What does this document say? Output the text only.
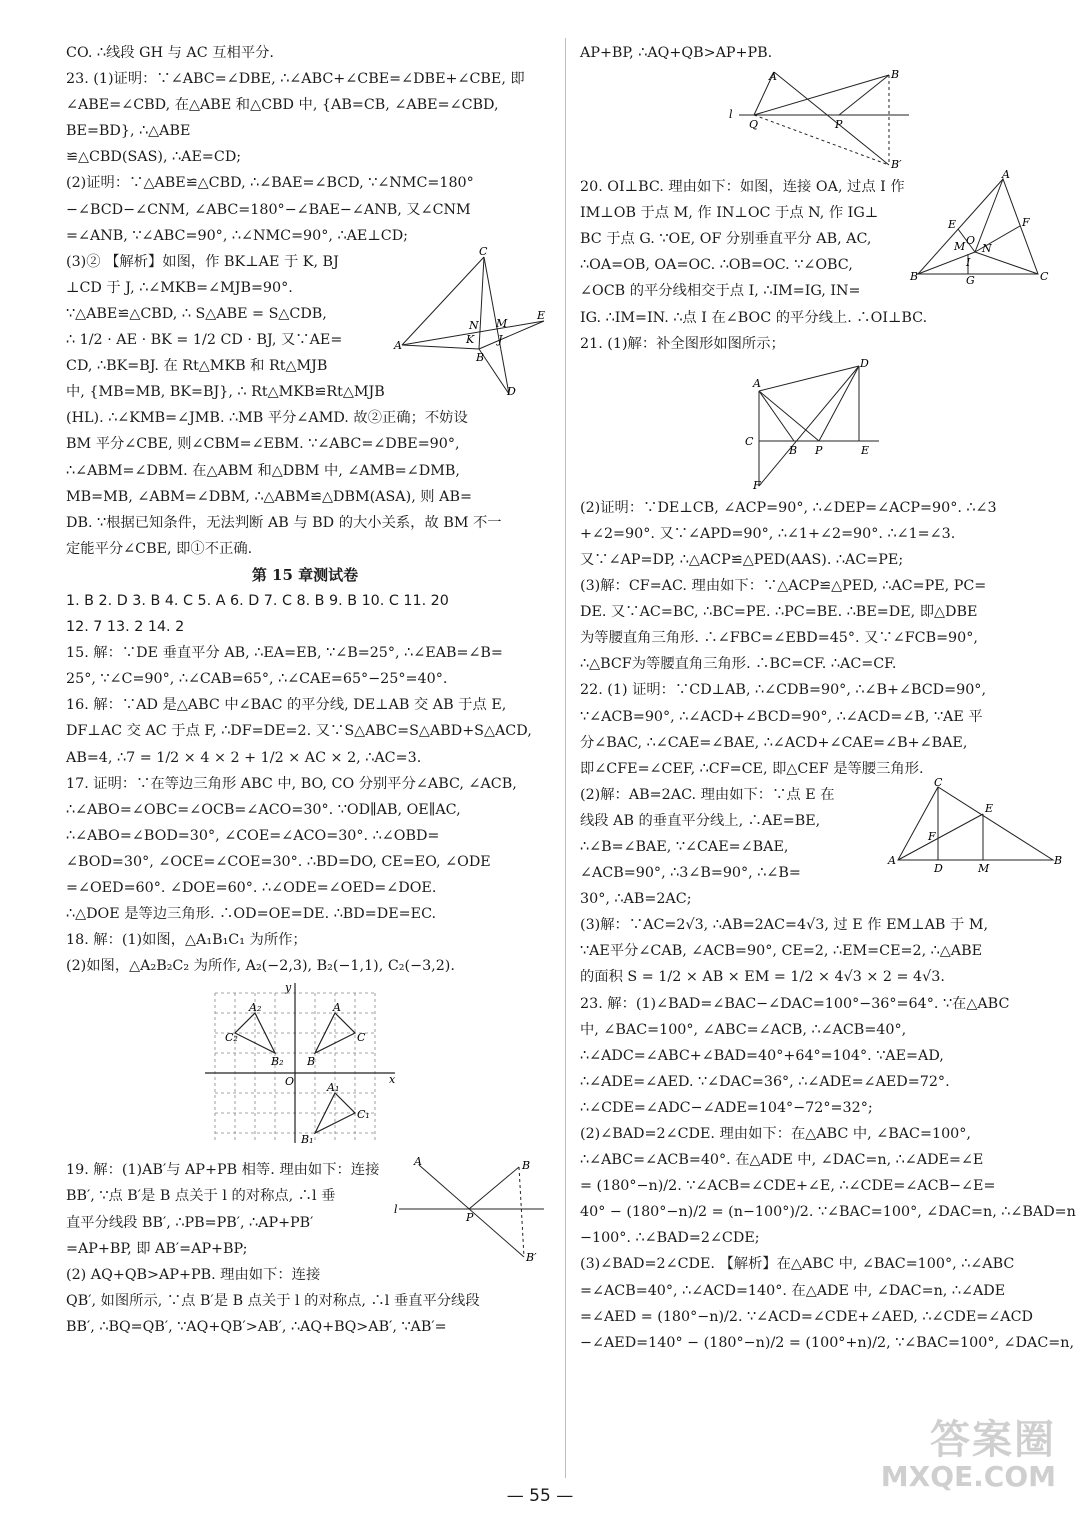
CO. ∴线段 GH 与 AC 互相平分.
23. (1)证明：∵∠ABC=∠DBE, ∴∠ABC+∠CBE=∠DBE+∠CBE, 即
∠ABE=∠CBD, 在△ABE 和△CBD 中, {AB=CB, ∠ABE=∠CBD, BE=BD}, ∴△ABE
≌△CBD(SAS), ∴AE=CD;
(2)证明：∵△ABE≌△CBD, ∴∠BAE=∠BCD, ∵∠NMC=180°
−∠BCD−∠CNM, ∠ABC=180°−∠BAE−∠ANB, 又∠CNM
=∠ANB, ∵∠ABC=90°, ∴∠NMC=90°, ∴AE⊥CD;
C
A
E
B
D
N M
K J
(3)② 【解析】如图，作 BK⊥AE 于 K, BJ
⊥CD 于 J, ∴∠MKB=∠MJB=90°.
∵△ABE≌△CBD, ∴ S△ABE = S△CDB,
∴ 1/2 · AE · BK = 1/2 CD · BJ, 又∵AE=
CD, ∴BK=BJ. 在 Rt△MKB 和 Rt△MJB
中, {MB=MB, BK=BJ}, ∴ Rt△MKB≌Rt△MJB
(HL). ∴∠KMB=∠JMB. ∴MB 平分∠AMD. 故②正确；不妨设
BM 平分∠CBE, 则∠CBM=∠EBM. ∵∠ABC=∠DBE=90°,
∴∠ABM=∠DBM. 在△ABM 和△DBM 中, ∠AMB=∠DMB,
MB=MB, ∠ABM=∠DBM, ∴△ABM≌△DBM(ASA), 则 AB=
DB. ∵根据已知条件，无法判断 AB 与 BD 的大小关系，故 BM 不一
定能平分∠CBE, 即①不正确.
第 15 章测试卷
1. B 2. D 3. B 4. C 5. A 6. D 7. C 8. B 9. B 10. C 11. 20
12. 7 13. 2 14. 2
15. 解：∵DE 垂直平分 AB, ∴EA=EB, ∵∠B=25°, ∴∠EAB=∠B=
25°, ∵∠C=90°, ∴∠CAB=65°, ∴∠CAE=65°−25°=40°.
16. 解：∵AD 是△ABC 中∠BAC 的平分线, DE⊥AB 交 AB 于点 E,
DF⊥AC 交 AC 于点 F, ∴DF=DE=2. 又∵S△ABC=S△ABD+S△ACD,
AB=4, ∴7 = 1/2 × 4 × 2 + 1/2 × AC × 2, ∴AC=3.
17. 证明：∵在等边三角形 ABC 中, BO, CO 分别平分∠ABC, ∠ACB,
∴∠ABO=∠OBC=∠OCB=∠ACO=30°. ∵OD∥AB, OE∥AC,
∴∠ABO=∠BOD=30°, ∠COE=∠ACO=30°. ∴∠OBD=
∠BOD=30°, ∠OCE=∠COE=30°. ∴BD=DO, CE=EO, ∠ODE
=∠OED=60°. ∠DOE=60°. ∴∠ODE=∠OED=∠DOE.
∴△DOE 是等边三角形. ∴OD=OE=DE. ∴BD=DE=EC.
18. 解：(1)如图，△A₁B₁C₁ 为所作；
(2)如图，△A₂B₂C₂ 为所作, A₂(−2,3), B₂(−1,1), C₂(−3,2).
x
y
O
A₂
C₂
B₂
A
C
B
A₁
C₁
B₁
A	B
l
P
B′
19. 解：(1)AB′与 AP+PB 相等. 理由如下：连接
BB′, ∵点 B′是 B 点关于 l 的对称点, ∴l 垂
直平分线段 BB′, ∴PB=PB′, ∴AP+PB′
=AP+BP, 即 AB′=AP+BP;
(2) AQ+QB>AP+PB. 理由如下：连接
QB′, 如图所示, ∵点 B′是 B 点关于 l 的对称点, ∴l 垂直平分线段
BB′, ∴BQ=QB′, ∵AQ+QB′>AB′, ∴AQ+BQ>AB′, ∵AB′=
AP+BP, ∴AQ+QB>AP+PB.
A	B
l
Q	P
B′
A
B	C
E	F
O
M N
I
G
20. OI⊥BC. 理由如下：如图，连接 OA, 过点 I 作
IM⊥OB 于点 M, 作 IN⊥OC 于点 N, 作 IG⊥
BC 于点 G. ∵OE, OF 分别垂直平分 AB, AC,
∴OA=OB, OA=OC. ∴OB=OC. ∵∠OBC,
∠OCB 的平分线相交于点 I, ∴IM=IG, IN=
IG. ∴IM=IN. ∴点 I 在∠BOC 的平分线上. ∴OI⊥BC.
21. (1)解：补全图形如图所示；
A
D
C
B P	E
F
(2)证明：∵DE⊥CB, ∠ACP=90°, ∴∠DEP=∠ACP=90°. ∴∠3
+∠2=90°. 又∵∠APD=90°, ∴∠1+∠2=90°. ∴∠1=∠3.
又∵∠AP=DP, ∴△ACP≌△PED(AAS). ∴AC=PE;
(3)解：CF=AC. 理由如下：∵△ACP≌△PED, ∴AC=PE, PC=
DE. 又∵AC=BC, ∴BC=PE. ∴PC=BE. ∴BE=DE, 即△DBE
为等腰直角三角形. ∴∠FBC=∠EBD=45°. 又∵∠FCB=90°,
∴△BCF为等腰直角三角形. ∴BC=CF. ∴AC=CF.
22. (1) 证明：∵CD⊥AB, ∴∠CDB=90°, ∴∠B+∠BCD=90°,
∵∠ACB=90°, ∴∠ACD+∠BCD=90°, ∴∠ACD=∠B, ∵AE 平
分∠BAC, ∴∠CAE=∠BAE, ∴∠ACD+∠CAE=∠B+∠BAE,
即∠CFE=∠CEF, ∴CF=CE, 即△CEF 是等腰三角形.
C
A	B
E
F
D	M
(2)解：AB=2AC. 理由如下：∵点 E 在
线段 AB 的垂直平分线上, ∴AE=BE,
∴∠B=∠BAE, ∵∠CAE=∠BAE,
∠ACB=90°, ∴3∠B=90°, ∴∠B=
30°, ∴AB=2AC;
(3)解：∵AC=2√3, ∴AB=2AC=4√3, 过 E 作 EM⊥AB 于 M,
∵AE平分∠CAB, ∠ACB=90°, CE=2, ∴EM=CE=2, ∴△ABE
的面积 S = 1/2 × AB × EM = 1/2 × 4√3 × 2 = 4√3.
23. 解：(1)∠BAD=∠BAC−∠DAC=100°−36°=64°. ∵在△ABC
中, ∠BAC=100°, ∠ABC=∠ACB, ∴∠ACB=40°,
∴∠ADC=∠ABC+∠BAD=40°+64°=104°. ∵AE=AD,
∴∠ADE=∠AED. ∵∠DAC=36°, ∴∠ADE=∠AED=72°.
∴∠CDE=∠ADC−∠ADE=104°−72°=32°;
(2)∠BAD=2∠CDE. 理由如下：在△ABC 中, ∠BAC=100°,
∴∠ABC=∠ACB=40°. 在△ADE 中, ∠DAC=n, ∴∠ADE=∠E
= (180°−n)/2. ∵∠ACB=∠CDE+∠E, ∴∠CDE=∠ACB−∠E=
40° − (180°−n)/2 = (n−100°)/2. ∵∠BAC=100°, ∠DAC=n, ∴∠BAD=n
−100°. ∴∠BAD=2∠CDE;
(3)∠BAD=2∠CDE. 【解析】在△ABC 中, ∠BAC=100°, ∴∠ABC
=∠ACB=40°, ∴∠ACD=140°. 在△ADE 中, ∠DAC=n, ∴∠ADE
=∠AED = (180°−n)/2. ∵∠ACD=∠CDE+∠AED, ∴∠CDE=∠ACD
−∠AED=140° − (180°−n)/2 = (100°+n)/2, ∵∠BAC=100°, ∠DAC=n,
— 55 —
答案圈
MXQE.COM
